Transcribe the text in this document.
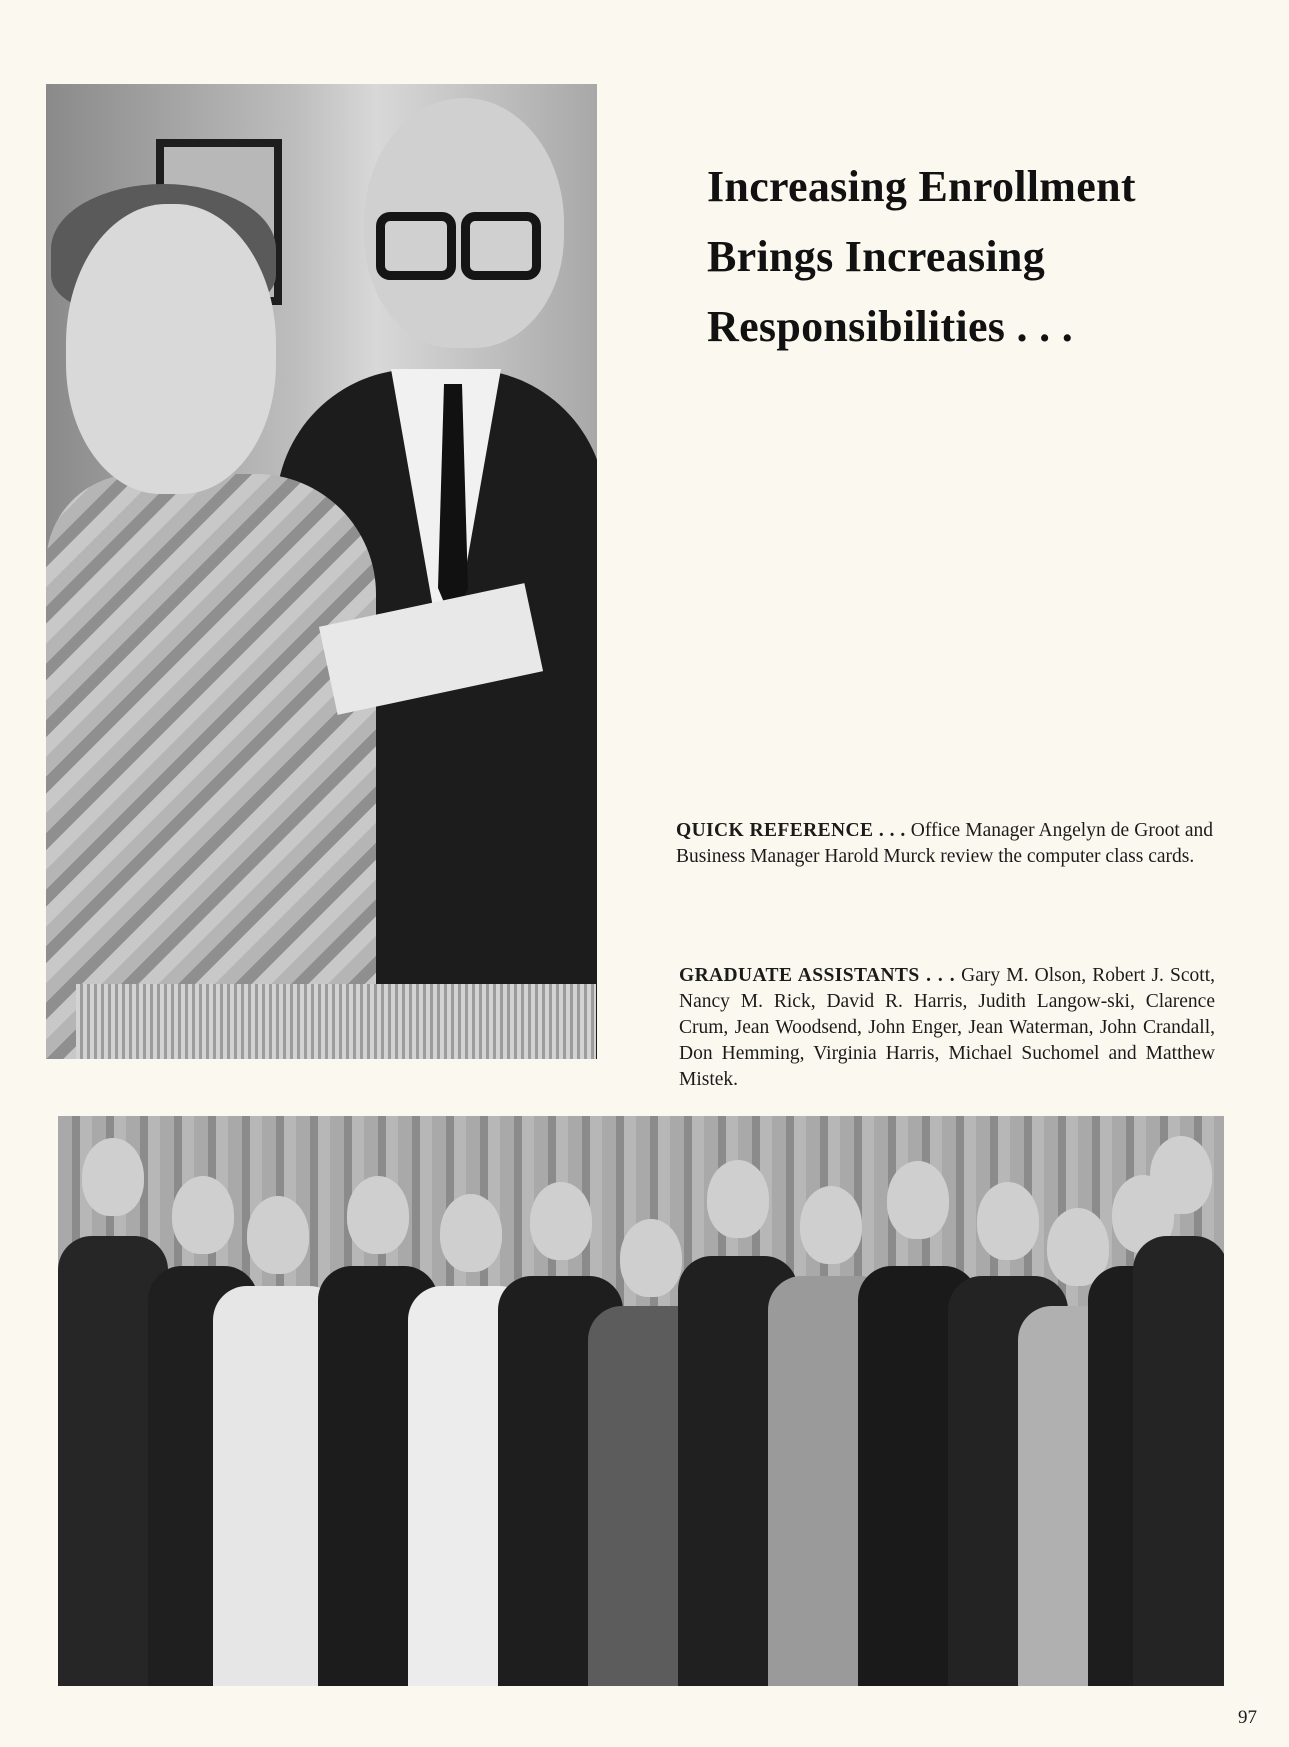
Increasing Enrollment
Brings Increasing
Responsibilities . . .

QUICK REFERENCE . . . Office Manager Angelyn de Groot and Business Manager Harold Murck review the computer class cards.

GRADUATE ASSISTANTS . . . Gary M. Olson, Robert J. Scott, Nancy M. Rick, David R. Harris, Judith Langow-ski, Clarence Crum, Jean Woodsend, John Enger, Jean Waterman, John Crandall, Don Hemming, Virginia Harris, Michael Suchomel and Matthew Mistek.

97
